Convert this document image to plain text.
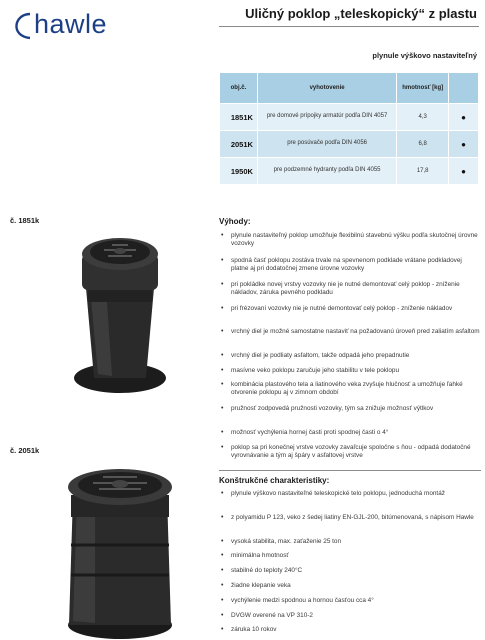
hawle	Uličný poklop „teleskopický“ z plastu
plynule výškovo nastaviteľný
obj.č.	vyhotovenie	hmotnosť [kg]	
1851K	pre domové prípojky armatúr podľa DIN 4057	4,3	●
2051K	pre posúvače podľa DIN 4056	6,8	●
1950K	pre podzemné hydranty podľa DIN 4055	17,8	●
č. 1851k
č. 2051k
Výhody:
• plynule nastaviteľný poklop umožňuje flexibilnú stavebnú výšku podľa skutočnej úrovne vozovky
• spodná časť poklopu zostáva trvale na spevnenom podklade vrátane podkladovej platne aj pri dodatočnej zmene úrovne vozovky
• pri pokládke novej vrstvy vozovky nie je nutné demontovať celý poklop - zníženie nákladov, záruka pevného podkladu
• pri frézovaní vozovky nie je nutné demontovať celý poklop - zníženie nákladov
• vrchný diel je možné samostatne nastaviť na požadovanú úroveň pred zaliatím asfaltom
• vrchný diel je podliaty asfaltom, takže odpadá jeho prepadnutie
• masívne veko poklopu zaručuje jeho stabilitu v tele poklopu
• kombinácia plastového tela a liatinového veka zvyšuje hlučnosť a umožňuje ľahké otvorenie poklopu aj v zimnom období
• pružnosť zodpovedá pružnosti vozovky, tým sa znižuje možnosť výtlkov
• možnosť vychýlenia hornej časti proti spodnej časti o 4°
• poklop sa pri konečnej vrstve vozovky zavaľcuje spoločne s ňou - odpadá dodatočné vyrovnávanie a tým aj špáry v asfaltovej vrstve
Konštrukčné charakteristiky:
• plynule výškovo nastaviteľné teleskopické telo poklopu, jednoduchá montáž
• z polyamidu P 123, veko z šedej liatiny EN-GJL-200, bitúmenovaná, s nápisom Hawle
• vysoká stabilita, max. zaťaženie 25 ton
• minimálna hmotnosť
• stabilné do teploty 240°C
• žiadne klepanie veka
• vychýlenie medzi spodnou a hornou časťou cca 4°
• DVGW overené na VP 310-2
• záruka 10 rokov
